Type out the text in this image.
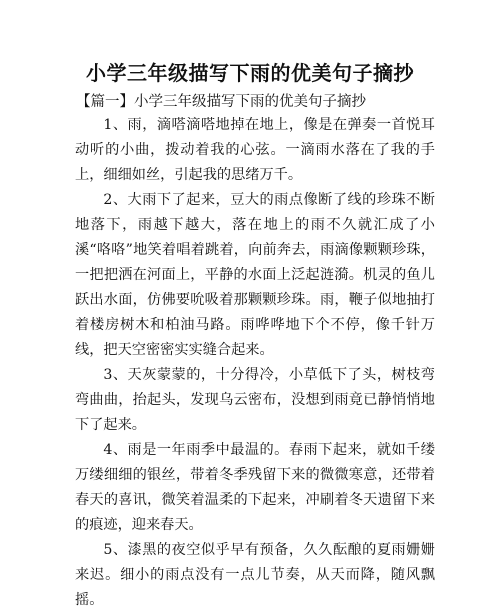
小学三年级描写下雨的优美句子摘抄
【篇一】小学三年级描写下雨的优美句子摘抄

1、雨，滴嗒滴嗒地掉在地上，像是在弹奏一首悦耳动听的小曲，拨动着我的心弦。一滴雨水落在了我的手上，细细如丝，引起我的思绪万千。

2、大雨下了起来，豆大的雨点像断了线的珍珠不断地落下，雨越下越大，落在地上的雨不久就汇成了小溪“咯咯”地笑着唱着跳着，向前奔去，雨滴像颗颗珍珠，一把把洒在河面上，平静的水面上泛起涟漪。机灵的鱼儿跃出水面，仿佛要吮吸着那颗颗珍珠。雨，鞭子似地抽打着楼房树木和柏油马路。雨哗哗地下个不停，像千针万线，把天空密密实实缝合起来。

3、天灰蒙蒙的，十分得冷，小草低下了头，树枝弯弯曲曲，抬起头，发现乌云密布，没想到雨竟已静悄悄地下了起来。

4、雨是一年雨季中最温的。春雨下起来，就如千缕万缕细细的银丝，带着冬季残留下来的微微寒意，还带着春天的喜讯，微笑着温柔的下起来，冲刷着冬天遗留下来的痕迹，迎来春天。

5、漆黑的夜空似乎早有预备，久久酝酿的夏雨姗姗来迟。细小的雨点没有一点儿节奏，从天而降，随风飘摇。
